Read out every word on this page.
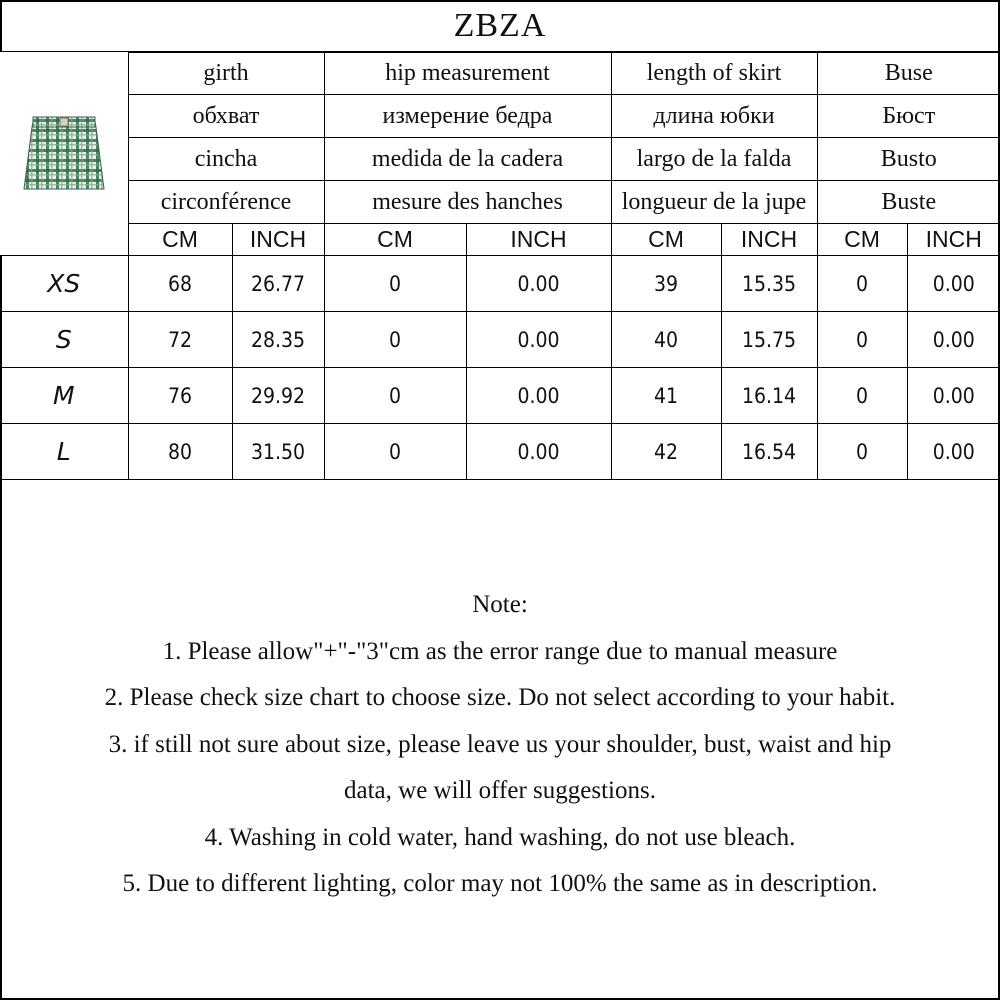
ZBZA
	girth		hip measurement		length of skirt		Buse	
	обхват		измерение бедра		длина юбки		Бюст	
	cincha		medida de la cadera		largo de la falda		Busto	
	circonférence		mesure des hanches		longueur de la jupe		Buste	
	CM	INCH	CM	INCH	CM	INCH	CM	INCH
XS	68	26.77	0	0.00	39	15.35	0	0.00
S	72	28.35	0	0.00	40	15.75	0	0.00
M	76	29.92	0	0.00	41	16.14	0	0.00
L	80	31.50	0	0.00	42	16.54	0	0.00
Note:
1. Please allow"+"-"3"cm as the error range due to manual measure
2. Please check size chart to choose size. Do not select according to your habit.
3. if still not sure about size, please leave us your shoulder, bust, waist and hip
data, we will offer suggestions.
4. Washing in cold water, hand washing, do not use bleach.
5. Due to different lighting, color may not 100% the same as in description.
